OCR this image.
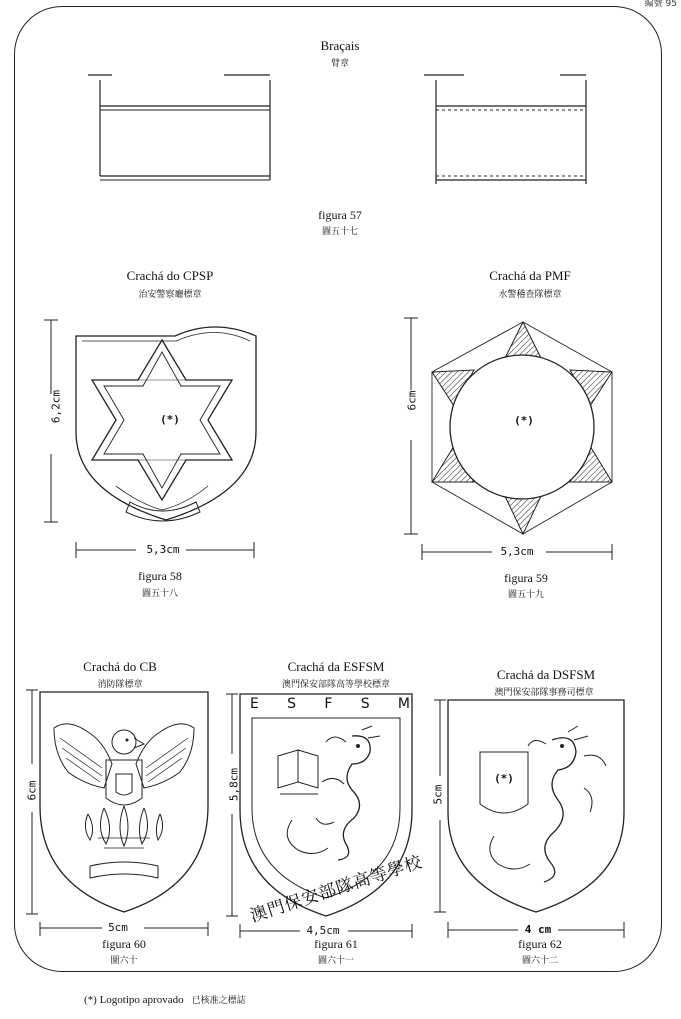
編號 95
Braçais
臂章
figura 57
圖五十七
Crachá do CPSP
治安警察廳標章
6,2cm
5,3cm
(*)
figura 58
圖五十八
Crachá da PMF
水警稽查隊標章
6cm
5,3cm
(*)
figura 59
圖五十九
Crachá do CB
消防隊標章
6cm
5cm
figura 60
圖六十
Crachá da ESFSM
澳門保安部隊高等學校標章
5,8cm
4,5cm
E S F S M
澳門保安部隊高等學校
figura 61
圖六十一
Crachá da DSFSM
澳門保安部隊事務司標章
5cm
4 cm
(*)
figura 62
圖六十二
(*) Logotipo aprovado 已核准之標誌
